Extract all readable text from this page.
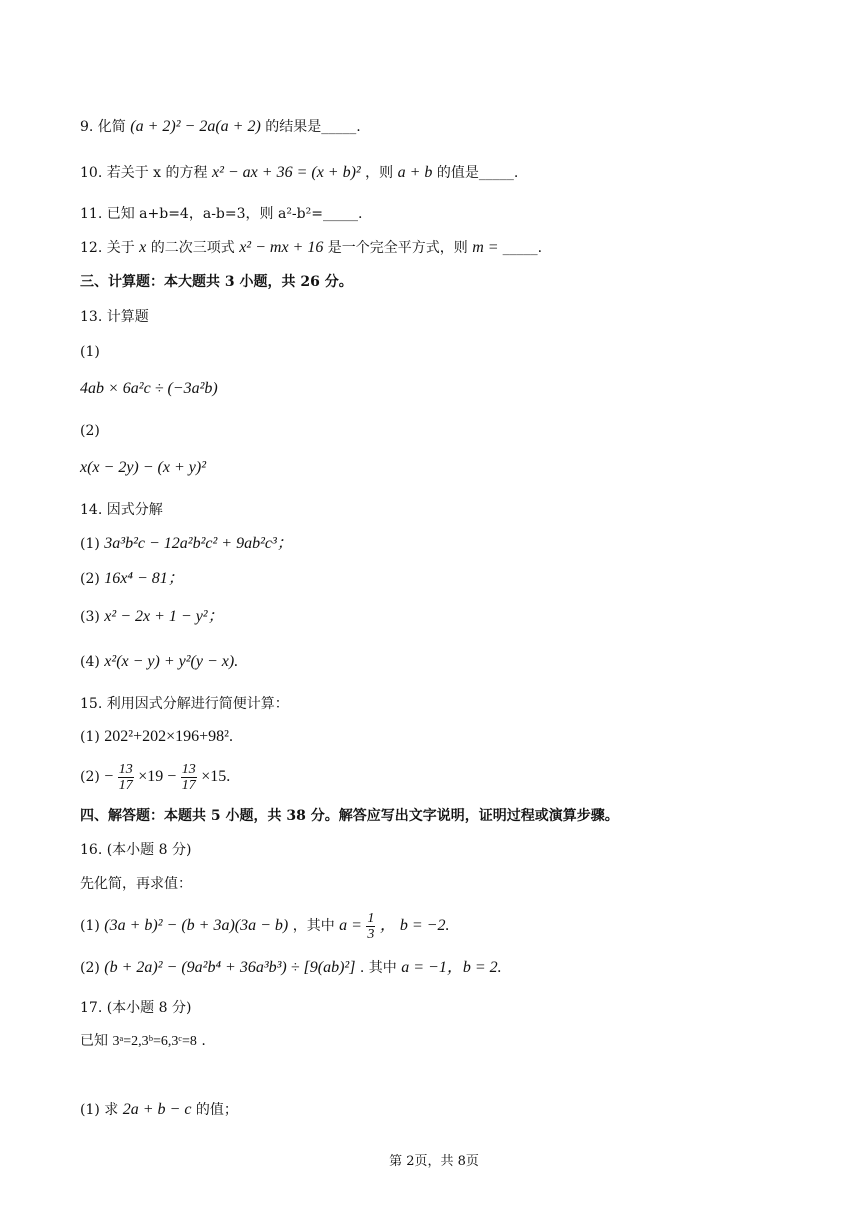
9. 化简 (a + 2)² − 2a(a + 2) 的结果是_____.
10. 若关于 x 的方程 x² − ax + 36 = (x + b)² ，则 a + b 的值是_____.
11. 已知 a+b=4，a-b=3，则 a²-b²=_____.
12. 关于 x 的二次三项式 x² − mx + 16 是一个完全平方式，则 m = _____.
三、计算题：本大题共 3 小题，共 26 分。
13. 计算题
(1)
4ab × 6a²c ÷ (−3a²b)
(2)
x(x − 2y) − (x + y)²
14. 因式分解
(1) 3a³b²c − 12a²b²c² + 9ab²c³；
(2) 16x⁴ − 81；
(3) x² − 2x + 1 − y²；
(4) x²(x − y) + y²(y − x).
15. 利用因式分解进行简便计算：
(1) 202²+202×196+98².
$(2) - \frac{13}{17} \times 19 - \frac{13}{17} \times 15$.
四、解答题：本题共 5 小题，共 38 分。解答应写出文字说明，证明过程或演算步骤。
16. (本小题 8 分)
先化简，再求值：
(1) (3a + b)² − (b + 3a)(3a − b) ，其中 $a = \frac{1}{3}$ ， b = −2.
(2) (b + 2a)² − (9a²b⁴ + 36a³b³) ÷ [9(ab)²] . 其中 a = −1，b = 2.
17. (本小题 8 分)
已知 3ᵃ=2,3ᵇ=6,3ᶜ=8 .
(1) 求 2a + b − c 的值；
第 2页，共 8页
